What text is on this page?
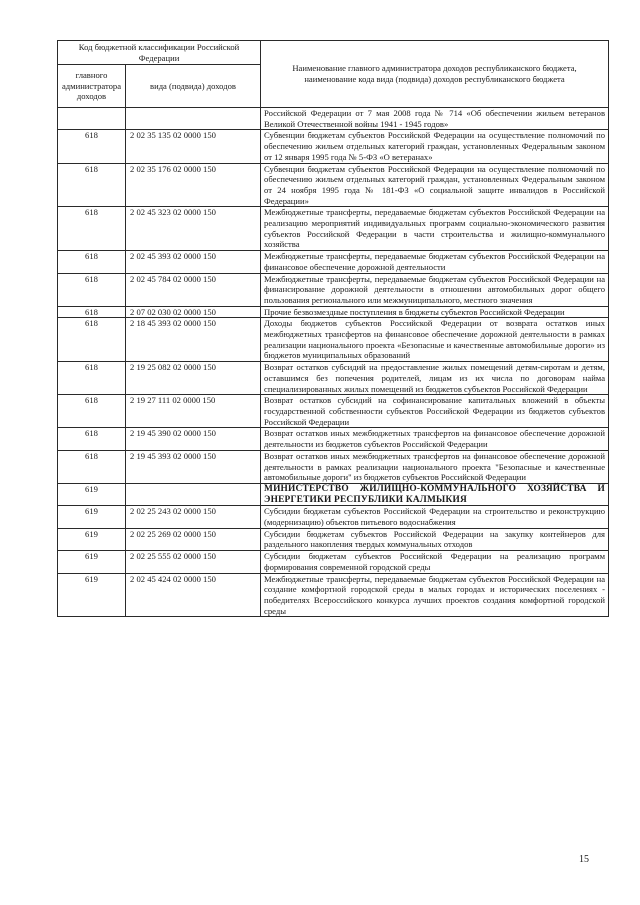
Код бюджетной классификации Российской Федерации		Наименование главного администратора доходов республиканского бюджета, наименование кода вида (подвида) доходов республиканского бюджета
главного администратора доходов	вида (подвида) доходов	
		Российской Федерации от 7 мая 2008 года № 714 «Об обеспечении жильем ветеранов Великой Отечественной войны 1941 - 1945 годов»
618	2 02 35 135 02 0000 150	Субвенции бюджетам субъектов Российской Федерации на осуществление полномочий по обеспечению жильем отдельных категорий граждан, установленных Федеральным законом от 12 января 1995 года № 5-ФЗ «О ветеранах»
618	2 02 35 176 02 0000 150	Субвенции бюджетам субъектов Российской Федерации на осуществление полномочий по обеспечению жильем отдельных категорий граждан, установленных Федеральным законом от 24 ноября 1995 года № 181-ФЗ «О социальной защите инвалидов в Российской Федерации»
618	2 02 45 323 02 0000 150	Межбюджетные трансферты, передаваемые бюджетам субъектов Российской Федерации на реализацию мероприятий индивидуальных программ социально-экономического развития субъектов Российской Федерации в части строительства и жилищно-коммунального хозяйства
618	2 02 45 393 02 0000 150	Межбюджетные трансферты, передаваемые бюджетам субъектов Российской Федерации на финансовое обеспечение дорожной деятельности
618	2 02 45 784 02 0000 150	Межбюджетные трансферты, передаваемые бюджетам субъектов Российской Федерации на финансирование дорожной деятельности в отношении автомобильных дорог общего пользования регионального или межмуниципального, местного значения
618	2 07 02 030 02 0000 150	Прочие безвозмездные поступления в бюджеты субъектов Российской Федерации
618	2 18 45 393 02 0000 150	Доходы бюджетов субъектов Российской Федерации от возврата остатков иных межбюджетных трансфертов на финансовое обеспечение дорожной деятельности в рамках реализации национального проекта «Безопасные и качественные автомобильные дороги» из бюджетов муниципальных образований
618	2 19 25 082 02 0000 150	Возврат остатков субсидий на предоставление жилых помещений детям-сиротам и детям, оставшимся без попечения родителей, лицам из их числа по договорам найма специализированных жилых помещений из бюджетов субъектов Российской Федерации
618	2 19 27 111 02 0000 150	Возврат остатков субсидий на софинансирование капитальных вложений в объекты государственной собственности субъектов Российской Федерации из бюджетов субъектов Российской Федерации
618	2 19 45 390 02 0000 150	Возврат остатков иных межбюджетных трансфертов на финансовое обеспечение дорожной деятельности из бюджетов субъектов Российской Федерации
618	2 19 45 393 02 0000 150	Возврат остатков иных межбюджетных трансфертов на финансовое обеспечение дорожной деятельности в рамках реализации национального проекта "Безопасные и качественные автомобильные дороги" из бюджетов субъектов Российской Федерации
619		МИНИСТЕРСТВО ЖИЛИЩНО-КОММУНАЛЬНОГО ХОЗЯЙСТВА И ЭНЕРГЕТИКИ РЕСПУБЛИКИ КАЛМЫКИЯ
619	2 02 25 243 02 0000 150	Субсидии бюджетам субъектов Российской Федерации на строительство и реконструкцию (модернизацию) объектов питьевого водоснабжения
619	2 02 25 269 02 0000 150	Субсидии бюджетам субъектов Российской Федерации на закупку контейнеров для раздельного накопления твердых коммунальных отходов
619	2 02 25 555 02 0000 150	Субсидии бюджетам субъектов Российской Федерации на реализацию программ формирования современной городской среды
619	2 02 45 424 02 0000 150	Межбюджетные трансферты, передаваемые бюджетам субъектов Российской Федерации на создание комфортной городской среды в малых городах и исторических поселениях - победителях Всероссийского конкурса лучших проектов создания комфортной городской среды
15
